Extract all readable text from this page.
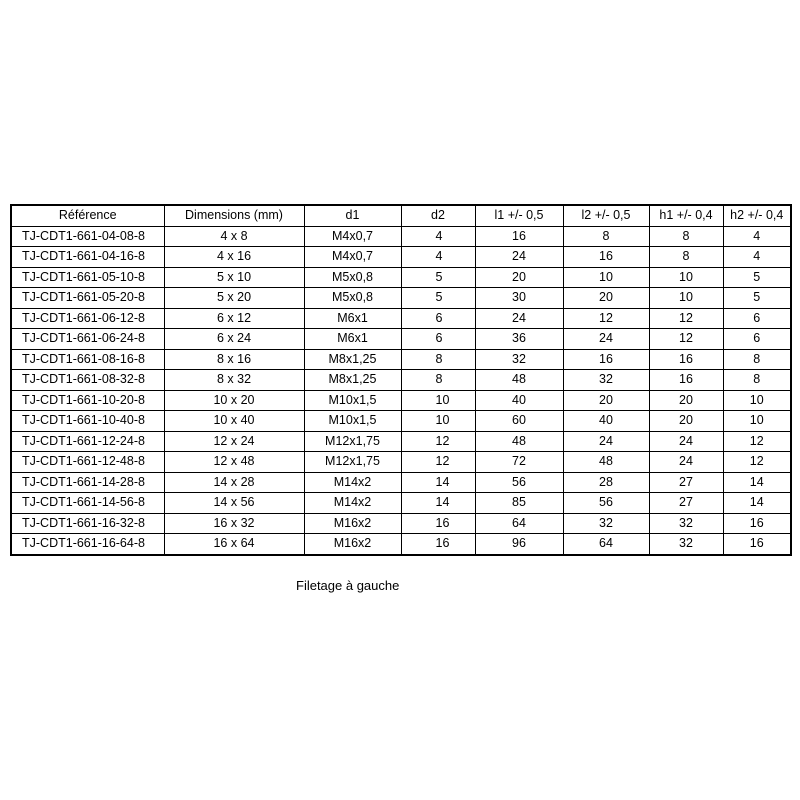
Référence	Dimensions (mm)	d1	d2	l1 +/- 0,5	l2 +/- 0,5	h1 +/- 0,4	h2 +/- 0,4
TJ-CDT1-661-04-08-8	4 x 8	M4x0,7	4	16	8	8	4
TJ-CDT1-661-04-16-8	4 x 16	M4x0,7	4	24	16	8	4
TJ-CDT1-661-05-10-8	5 x 10	M5x0,8	5	20	10	10	5
TJ-CDT1-661-05-20-8	5 x 20	M5x0,8	5	30	20	10	5
TJ-CDT1-661-06-12-8	6 x 12	M6x1	6	24	12	12	6
TJ-CDT1-661-06-24-8	6 x 24	M6x1	6	36	24	12	6
TJ-CDT1-661-08-16-8	8 x 16	M8x1,25	8	32	16	16	8
TJ-CDT1-661-08-32-8	8 x 32	M8x1,25	8	48	32	16	8
TJ-CDT1-661-10-20-8	10 x 20	M10x1,5	10	40	20	20	10
TJ-CDT1-661-10-40-8	10 x 40	M10x1,5	10	60	40	20	10
TJ-CDT1-661-12-24-8	12 x 24	M12x1,75	12	48	24	24	12
TJ-CDT1-661-12-48-8	12 x 48	M12x1,75	12	72	48	24	12
TJ-CDT1-661-14-28-8	14 x 28	M14x2	14	56	28	27	14
TJ-CDT1-661-14-56-8	14 x 56	M14x2	14	85	56	27	14
TJ-CDT1-661-16-32-8	16 x 32	M16x2	16	64	32	32	16
TJ-CDT1-661-16-64-8	16 x 64	M16x2	16	96	64	32	16
Filetage à gauche
